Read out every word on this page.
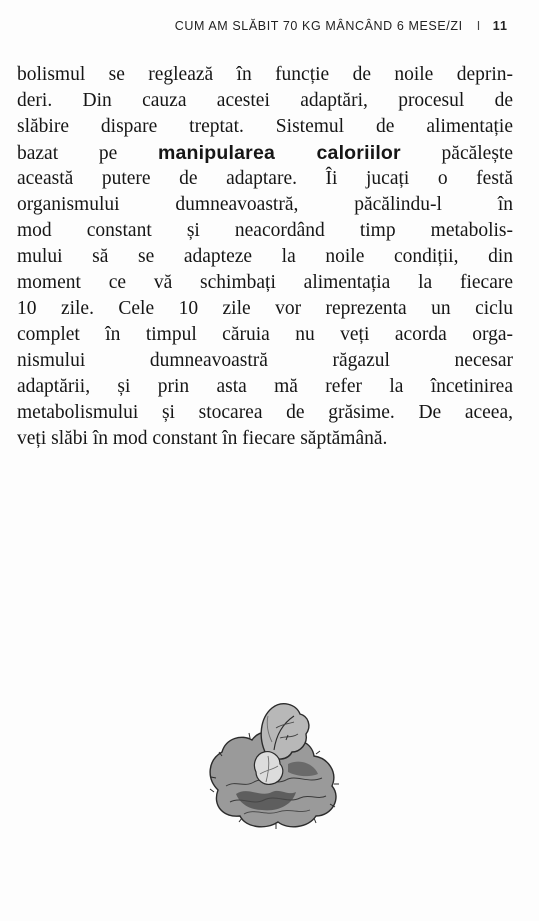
CUM AM SLĂBIT 70 KG MÂNCÂND 6 MESE/ZI I 11

bolismul se reglează în funcție de noile deprin-
deri. Din cauza acestei adaptări, procesul de
slăbire dispare treptat. Sistemul de alimentație
bazat pe manipularea caloriilor păcălește
această putere de adaptare. Îi jucați o festă
organismului dumneavoastră, păcălindu-l în
mod constant și neacordând timp metabolis-
mului să se adapteze la noile condiții, din
moment ce vă schimbați alimentația la fiecare
10 zile. Cele 10 zile vor reprezenta un ciclu
complet în timpul căruia nu veți acorda orga-
nismului dumneavoastră răgazul necesar
adaptării, și prin asta mă refer la încetinirea
metabolismului și stocarea de grăsime. De aceea,
veți slăbi în mod constant în fiecare săptămână.
